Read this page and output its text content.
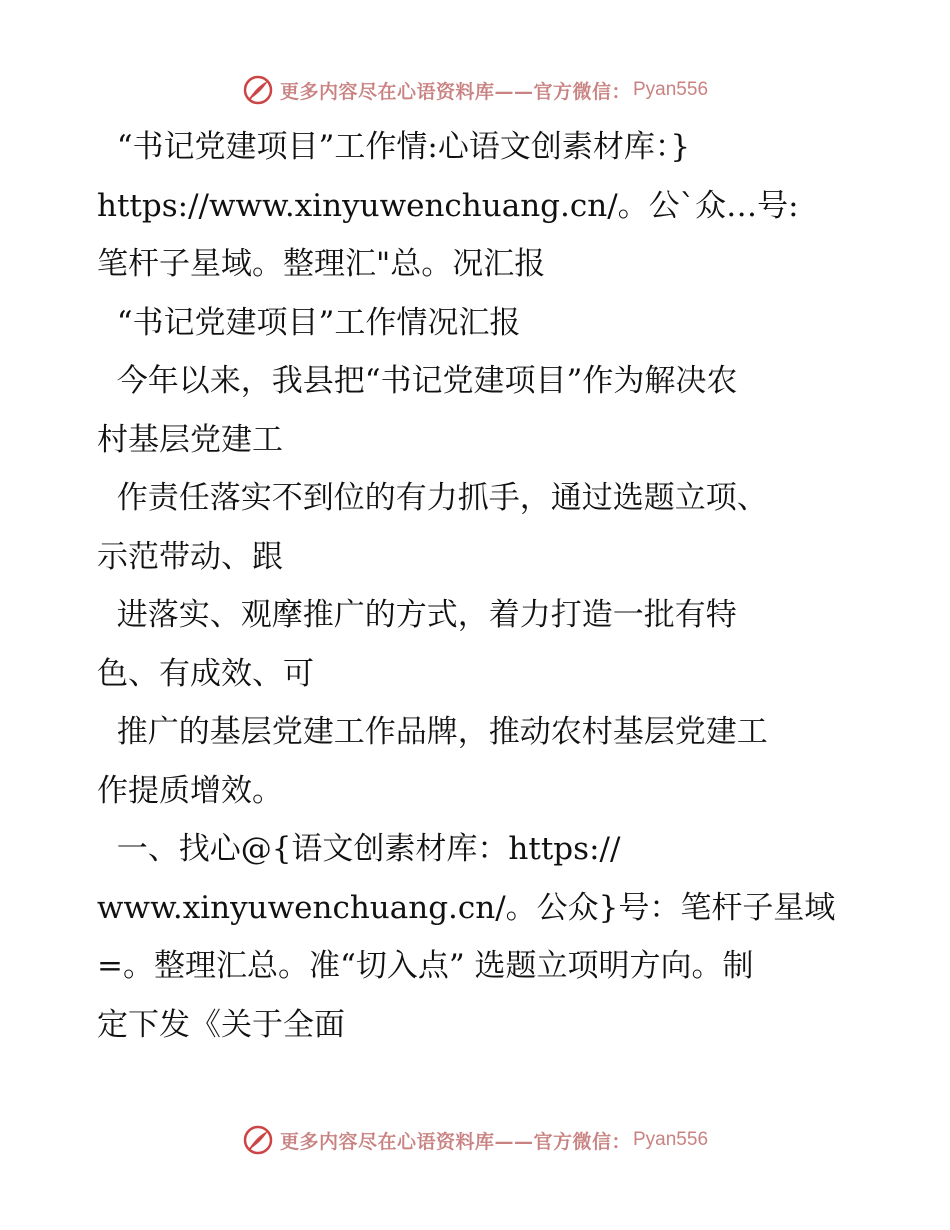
更多内容尽在心语资料库——官方微信： Pyan556
“书记党建项目”工作情:心语文创素材库：}
https://www.xinyuwenchuang.cn/。公`众…号:
笔杆子星域。整理汇"总。况汇报
“书记党建项目”工作情况汇报
今年以来，我县把“书记党建项目”作为解决农
村基层党建工
作责任落实不到位的有力抓手，通过选题立项、
示范带动、跟
进落实、观摩推广的方式，着力打造一批有特
色、有成效、可
推广的基层党建工作品牌，推动农村基层党建工
作提质增效。
一、找心@{语文创素材库：https://
www.xinyuwenchuang.cn/。公众}号：笔杆子星域
=。整理汇总。准“切入点” 选题立项明方向。制
定下发《关于全面
更多内容尽在心语资料库——官方微信： Pyan556
